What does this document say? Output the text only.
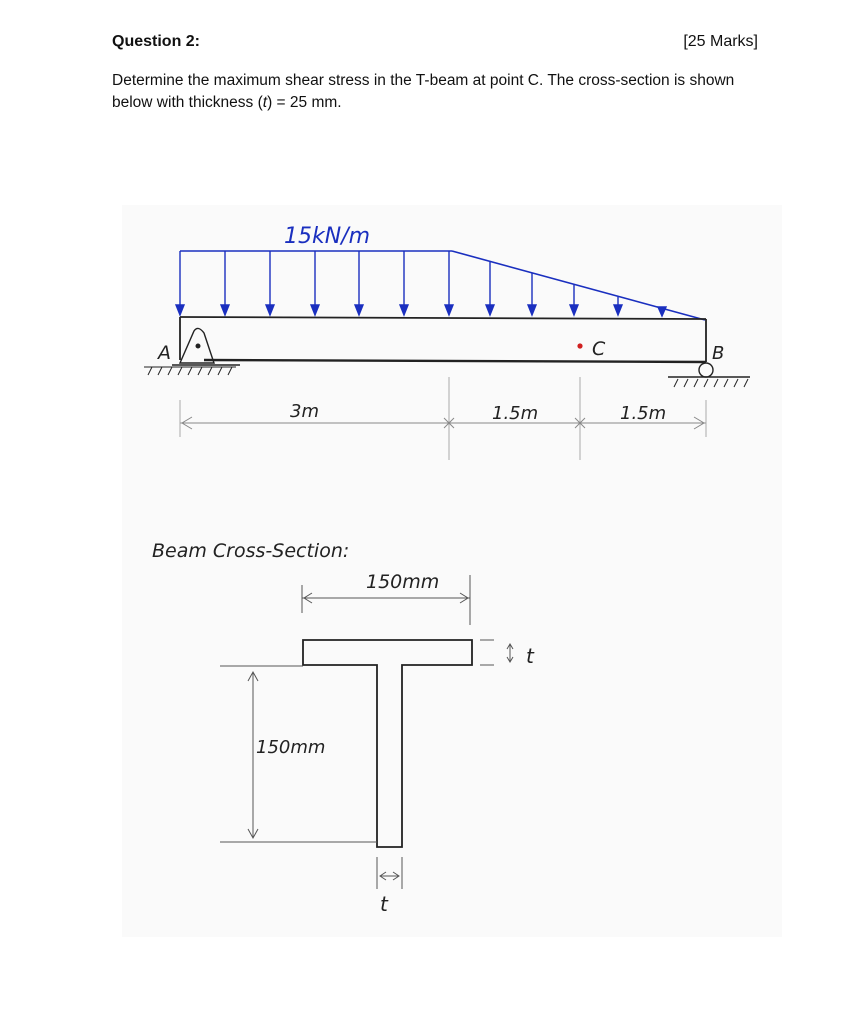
Question 2:	[25 Marks]
Determine the maximum shear stress in the T-beam at point C. The cross-section is shown below with thickness (t) = 25 mm.
15kN/m
A	B
C
3m	1.5m	1.5m
Beam Cross-Section:
150mm
t
150mm
t
